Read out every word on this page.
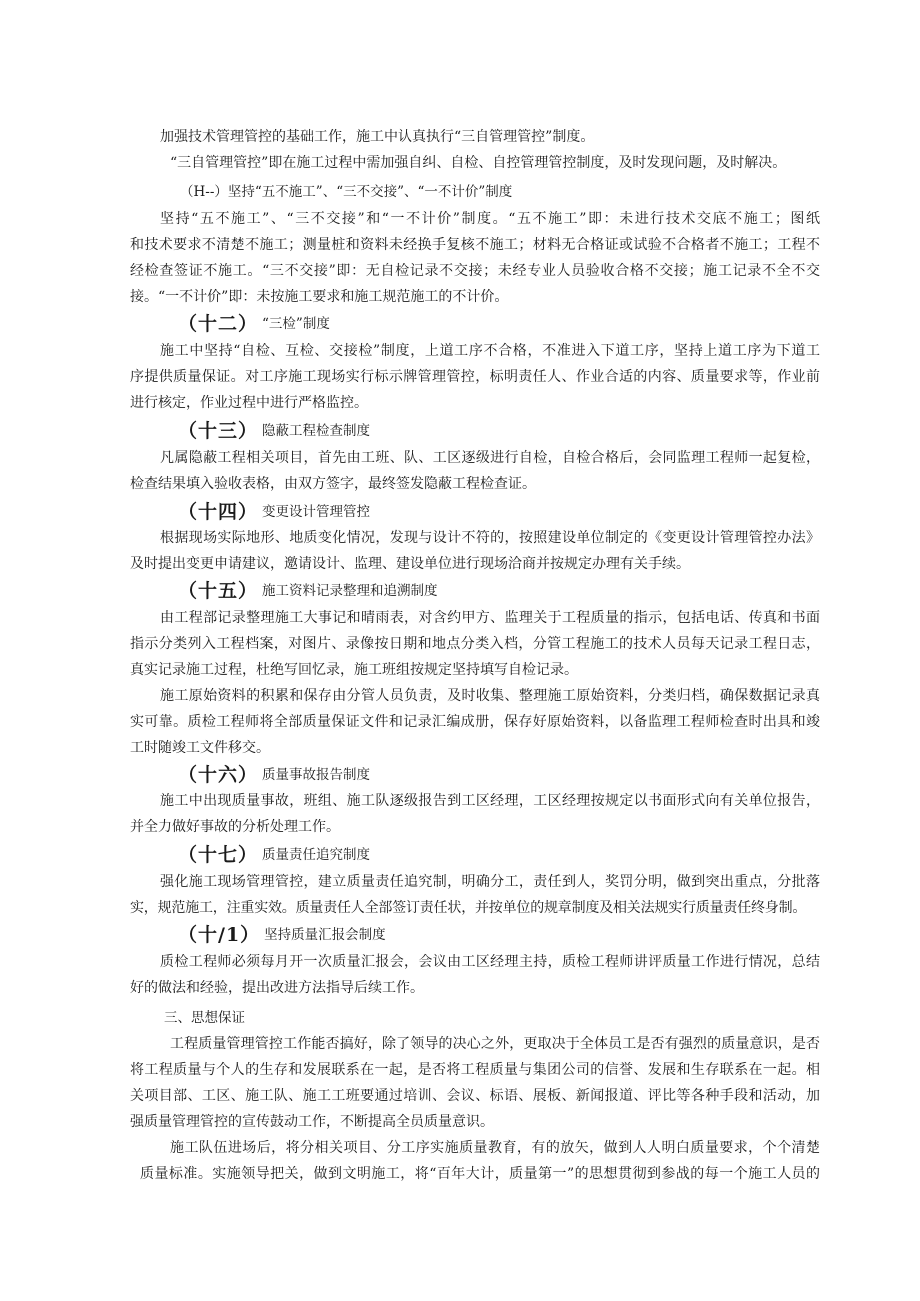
加强技术管理管控的基础工作，施工中认真执行“三自管理管控”制度。
“三自管理管控”即在施工过程中需加强自纠、自检、自控管理管控制度，及时发现问题，及时解决。
（H--）坚持“五不施工”、“三不交接”、“一不计价”制度
坚持“五不施工”、“三不交接”和“一不计价”制度。“五不施工”即：未进行技术交底不施工；图纸
和技术要求不清楚不施工；测量桩和资料未经换手复核不施工；材料无合格证或试验不合格者不施工；工程不
经检查签证不施工。“三不交接”即：无自检记录不交接；未经专业人员验收合格不交接；施工记录不全不交
接。“一不计价”即：未按施工要求和施工规范施工的不计价。
（十二） “三检”制度
施工中坚持“自检、互检、交接检”制度，上道工序不合格，不准进入下道工序，坚持上道工序为下道工
序提供质量保证。对工序施工现场实行标示牌管理管控，标明责任人、作业合适的内容、质量要求等，作业前
进行核定，作业过程中进行严格监控。
（十三） 隐蔽工程检查制度
凡属隐蔽工程相关项目，首先由工班、队、工区逐级进行自检，自检合格后，会同监理工程师一起复检，
检查结果填入验收表格，由双方签字，最终签发隐蔽工程检查证。
（十四） 变更设计管理管控
根据现场实际地形、地质变化情况，发现与设计不符的，按照建设单位制定的《变更设计管理管控办法》
及时提出变更申请建议，邀请设计、监理、建设单位进行现场洽商并按规定办理有关手续。
（十五） 施工资料记录整理和追溯制度
由工程部记录整理施工大事记和晴雨表，对含约甲方、监理关于工程质量的指示，包括电话、传真和书面
指示分类列入工程档案，对图片、录像按日期和地点分类入档，分管工程施工的技术人员每天记录工程日志，
真实记录施工过程，杜绝写回忆录，施工班组按规定坚持填写自检记录。
施工原始资料的积累和保存由分管人员负责，及时收集、整理施工原始资料，分类归档，确保数据记录真
实可靠。质检工程师将全部质量保证文件和记录汇编成册，保存好原始资料，以备监理工程师检查时出具和竣
工时随竣工文件移交。
（十六） 质量事故报告制度
施工中出现质量事故，班组、施工队逐级报告到工区经理，工区经理按规定以书面形式向有关单位报告，
并全力做好事故的分析处理工作。
（十七） 质量责任追究制度
强化施工现场管理管控，建立质量责任追究制，明确分工，责任到人，奖罚分明，做到突出重点，分批落
实，规范施工，注重实效。质量责任人全部签订责任状，并按单位的规章制度及相关法规实行质量责任终身制。
（十/1） 坚持质量汇报会制度
质检工程师必须每月开一次质量汇报会，会议由工区经理主持，质检工程师讲评质量工作进行情况，总结
好的做法和经验，提出改进方法指导后续工作。
三、思想保证
工程质量管理管控工作能否搞好，除了领导的决心之外，更取决于全体员工是否有强烈的质量意识，是否
将工程质量与个人的生存和发展联系在一起，是否将工程质量与集团公司的信誉、发展和生存联系在一起。相
关项目部、工区、施工队、施工工班要通过培训、会议、标语、展板、新闻报道、评比等各种手段和活动，加
强质量管理管控的宣传鼓动工作，不断提高全员质量意识。
施工队伍进场后，将分相关项目、分工序实施质量教育，有的放矢，做到人人明白质量要求，个个清楚
质量标准。实施领导把关，做到文明施工，将“百年大计，质量第一”的思想贯彻到参战的每一个施工人员的
